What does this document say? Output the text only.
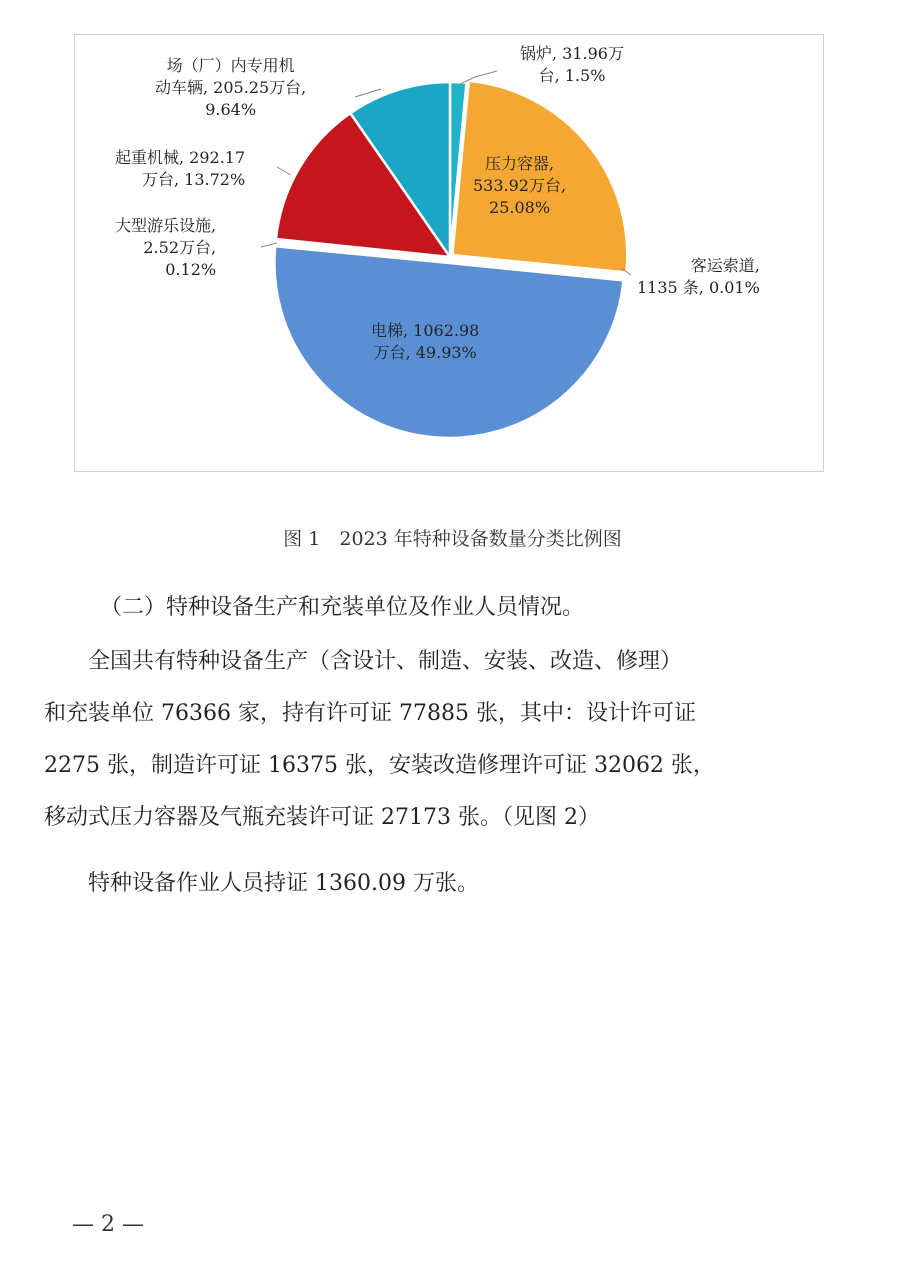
锅炉, 31.96万
台, 1.5%
压力容器,
533.92万台,
25.08%
客运索道,
1135 条, 0.01%
电梯, 1062.98
万台, 49.93%
大型游乐设施,
2.52万台,
0.12%
起重机械, 292.17
万台, 13.72%
场（厂）内专用机
动车辆, 205.25万台,
9.64%
图 1　2023 年特种设备数量分类比例图
（二）特种设备生产和充装单位及作业人员情况。
　　全国共有特种设备生产（含设计、制造、安装、改造、修理）
和充装单位 76366 家，持有许可证 77885 张，其中：设计许可证
2275 张，制造许可证 16375 张，安装改造修理许可证 32062 张，
移动式压力容器及气瓶充装许可证 27173 张。（见图 2）
　　特种设备作业人员持证 1360.09 万张。
— 2 —
